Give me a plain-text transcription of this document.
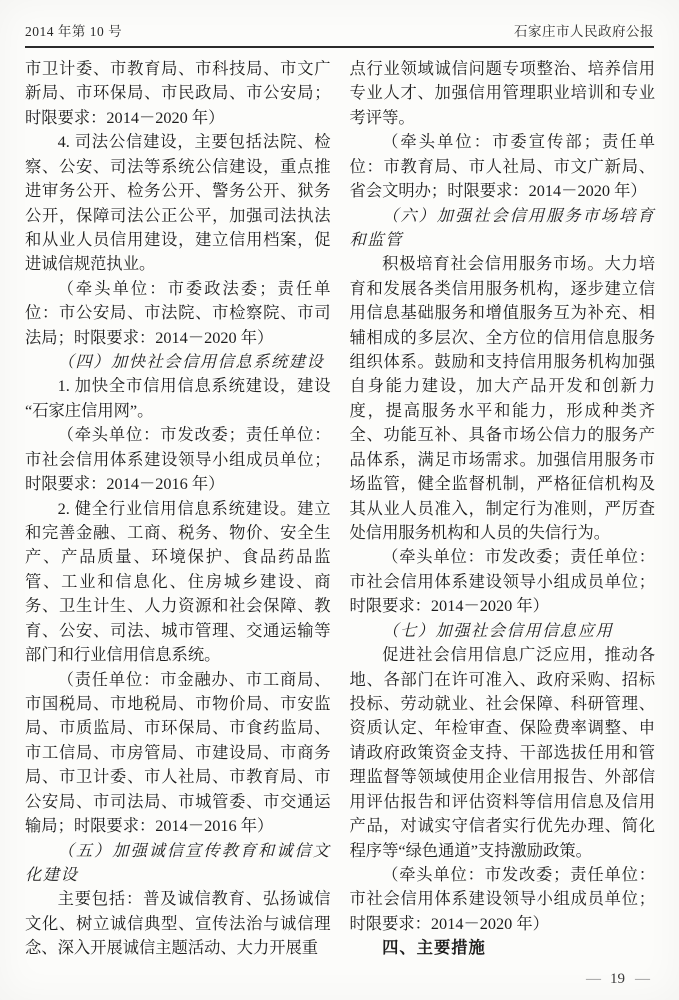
2014 年第 10 号	石家庄市人民政府公报

市卫计委、市教育局、市科技局、市文广新局、市环保局、市民政局、市公安局；时限要求：2014－2020 年）

4. 司法公信建设，主要包括法院、检察、公安、司法等系统公信建设，重点推进审务公开、检务公开、警务公开、狱务公开，保障司法公正公平，加强司法执法和从业人员信用建设，建立信用档案，促进诚信规范执业。

（牵头单位：市委政法委；责任单位：市公安局、市法院、市检察院、市司法局；时限要求：2014－2020 年）

（四）加快社会信用信息系统建设

1. 加快全市信用信息系统建设，建设“石家庄信用网”。

（牵头单位：市发改委；责任单位：市社会信用体系建设领导小组成员单位；时限要求：2014－2016 年）

2. 健全行业信用信息系统建设。建立和完善金融、工商、税务、物价、安全生产、产品质量、环境保护、食品药品监管、工业和信息化、住房城乡建设、商务、卫生计生、人力资源和社会保障、教育、公安、司法、城市管理、交通运输等部门和行业信用信息系统。

（责任单位：市金融办、市工商局、市国税局、市地税局、市物价局、市安监局、市质监局、市环保局、市食药监局、市工信局、市房管局、市建设局、市商务局、市卫计委、市人社局、市教育局、市公安局、市司法局、市城管委、市交通运输局；时限要求：2014－2016 年）

（五）加强诚信宣传教育和诚信文化建设

主要包括：普及诚信教育、弘扬诚信文化、树立诚信典型、宣传法治与诚信理念、深入开展诚信主题活动、大力开展重

点行业领域诚信问题专项整治、培养信用专业人才、加强信用管理职业培训和专业考评等。

（牵头单位：市委宣传部；责任单位：市教育局、市人社局、市文广新局、省会文明办；时限要求：2014－2020 年）

（六）加强社会信用服务市场培育和监管

积极培育社会信用服务市场。大力培育和发展各类信用服务机构，逐步建立信用信息基础服务和增值服务互为补充、相辅相成的多层次、全方位的信用信息服务组织体系。鼓励和支持信用服务机构加强自身能力建设，加大产品开发和创新力度，提高服务水平和能力，形成种类齐全、功能互补、具备市场公信力的服务产品体系，满足市场需求。加强信用服务市场监管，健全监督机制，严格征信机构及其从业人员准入，制定行为准则，严厉查处信用服务机构和人员的失信行为。

（牵头单位：市发改委；责任单位：市社会信用体系建设领导小组成员单位；时限要求：2014－2020 年）

（七）加强社会信用信息应用

促进社会信用信息广泛应用，推动各地、各部门在许可准入、政府采购、招标投标、劳动就业、社会保障、科研管理、资质认定、年检审查、保险费率调整、申请政府政策资金支持、干部选拔任用和管理监督等领域使用企业信用报告、外部信用评估报告和评估资料等信用信息及信用产品，对诚实守信者实行优先办理、简化程序等“绿色通道”支持激励政策。

（牵头单位：市发改委；责任单位：市社会信用体系建设领导小组成员单位；时限要求：2014－2020 年）

四、主要措施

— 19 —
